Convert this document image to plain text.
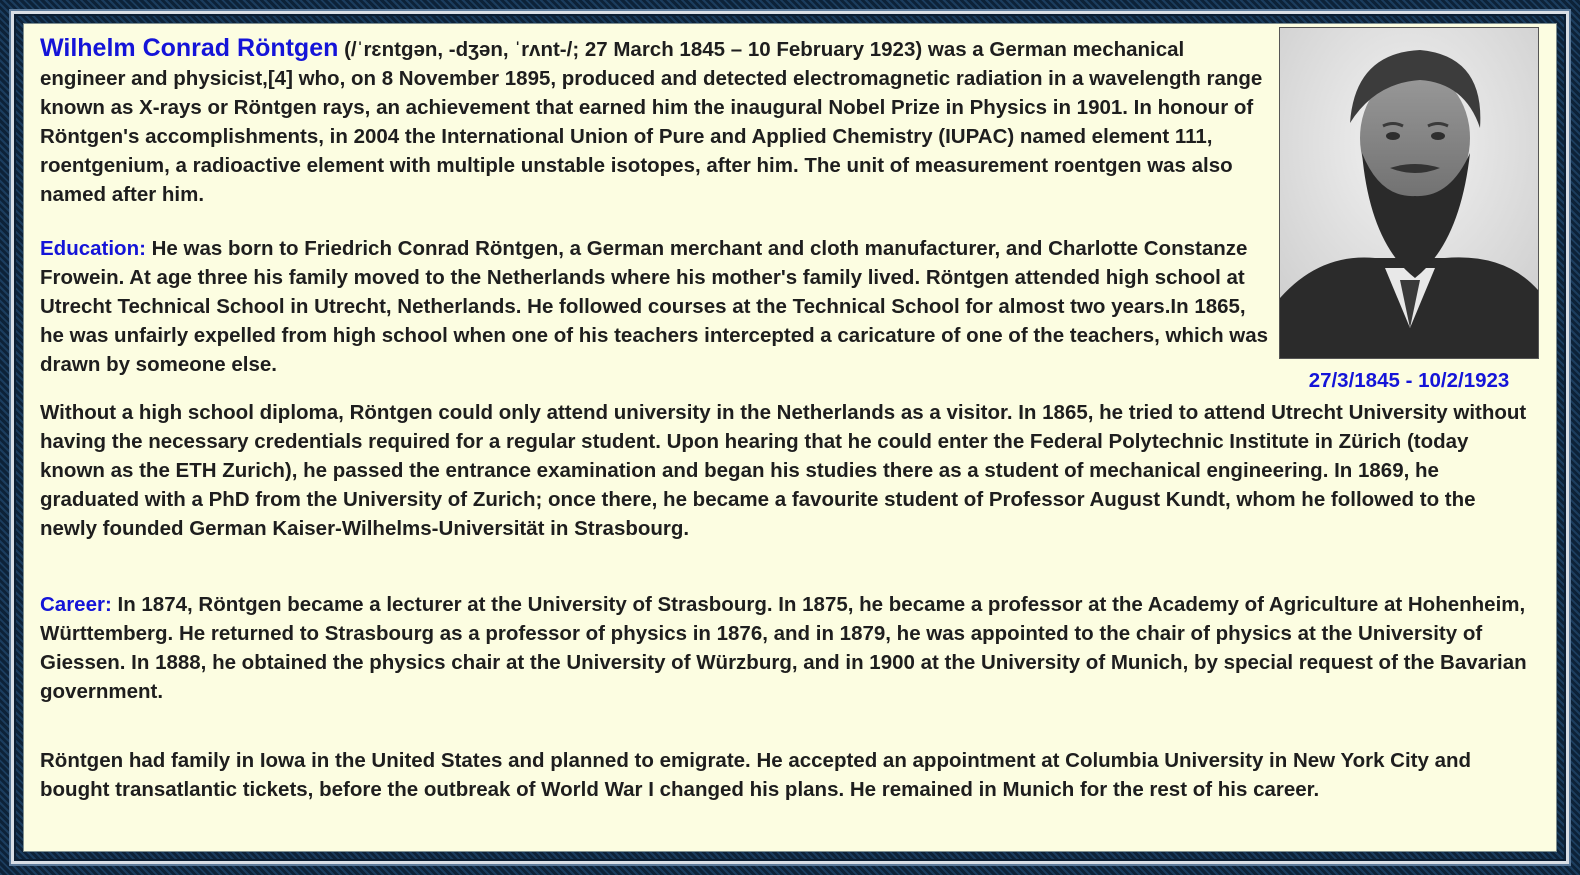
Wilhelm Conrad Röntgen (/ˈrɛntɡən, -dʒən, ˈrʌnt-/; 27 March 1845 – 10 February 1923) was a German mechanical engineer and physicist,[4] who, on 8 November 1895, produced and detected electromagnetic radiation in a wavelength range known as X-rays or Röntgen rays, an achievement that earned him the inaugural Nobel Prize in Physics in 1901. In honour of Röntgen's accomplishments, in 2004 the International Union of Pure and Applied Chemistry (IUPAC) named element 111, roentgenium, a radioactive element with multiple unstable isotopes, after him. The unit of measurement roentgen was also named after him.

Education: He was born to Friedrich Conrad Röntgen, a German merchant and cloth manufacturer, and Charlotte Constanze Frowein. At age three his family moved to the Netherlands where his mother's family lived. Röntgen attended high school at Utrecht Technical School in Utrecht, Netherlands. He followed courses at the Technical School for almost two years.In 1865, he was unfairly expelled from high school when one of his teachers intercepted a caricature of one of the teachers, which was drawn by someone else.

Without a high school diploma, Röntgen could only attend university in the Netherlands as a visitor. In 1865, he tried to attend Utrecht University without having the necessary credentials required for a regular student. Upon hearing that he could enter the Federal Polytechnic Institute in Zürich (today known as the ETH Zurich), he passed the entrance examination and began his studies there as a student of mechanical engineering. In 1869, he graduated with a PhD from the University of Zurich; once there, he became a favourite student of Professor August Kundt, whom he followed to the newly founded German Kaiser-Wilhelms-Universität in Strasbourg.

Career: In 1874, Röntgen became a lecturer at the University of Strasbourg. In 1875, he became a professor at the Academy of Agriculture at Hohenheim, Württemberg. He returned to Strasbourg as a professor of physics in 1876, and in 1879, he was appointed to the chair of physics at the University of Giessen. In 1888, he obtained the physics chair at the University of Würzburg, and in 1900 at the University of Munich, by special request of the Bavarian government.

Röntgen had family in Iowa in the United States and planned to emigrate. He accepted an appointment at Columbia University in New York City and bought transatlantic tickets, before the outbreak of World War I changed his plans. He remained in Munich for the rest of his career.

27/3/1845 - 10/2/1923
